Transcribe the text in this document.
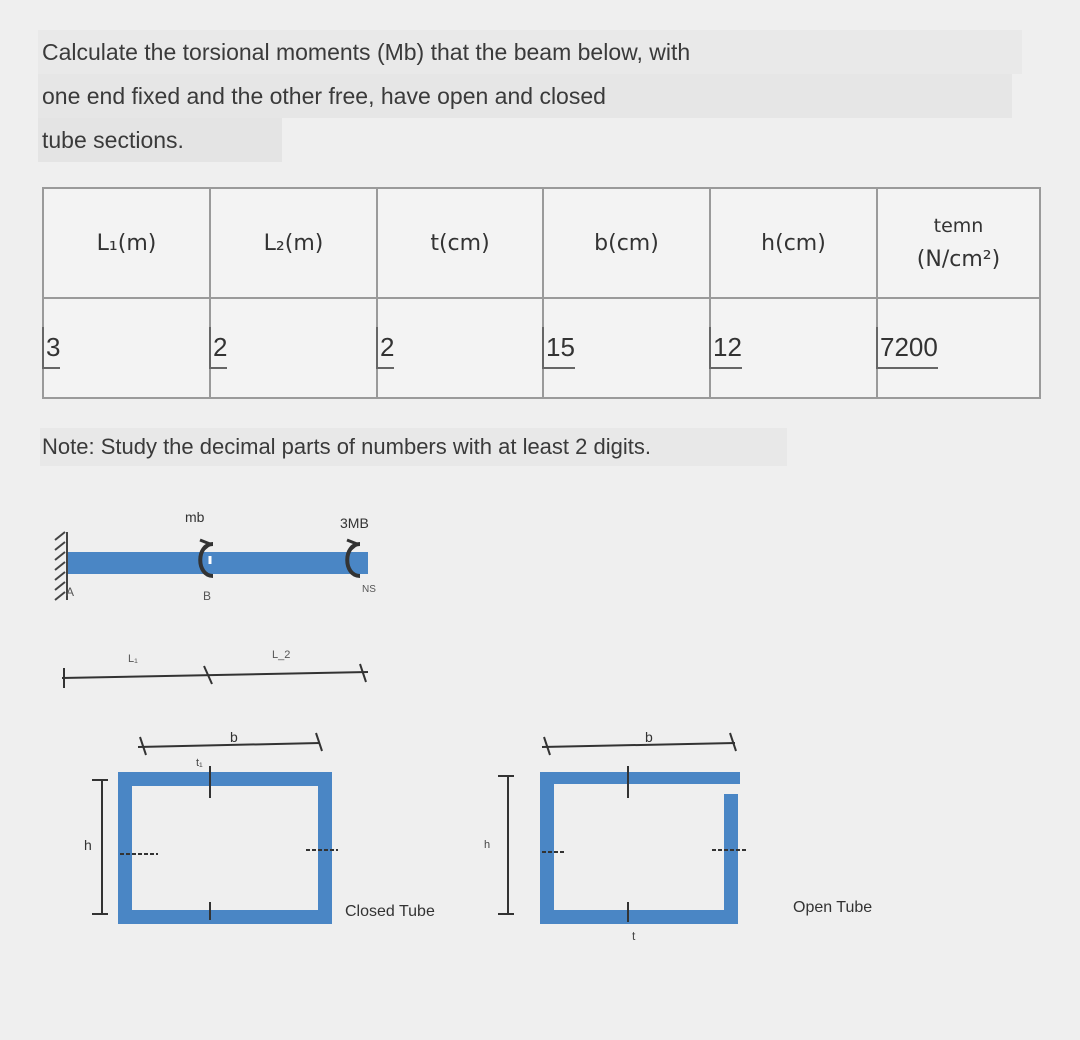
Calculate the torsional moments (Mb) that the beam below, with
one end fixed and the other free, have open and closed
tube sections.
L₁(m)	L₂(m)	t(cm)	b(cm)	h(cm)	temn
(N/cm²)

3	2	2	15	12	7200
Note: Study the decimal parts of numbers with at least 2 digits.
A	B	NS
mb	3MB
L₁	L_2
b
h
t₁
Closed Tube
b
h
t
Open Tube
